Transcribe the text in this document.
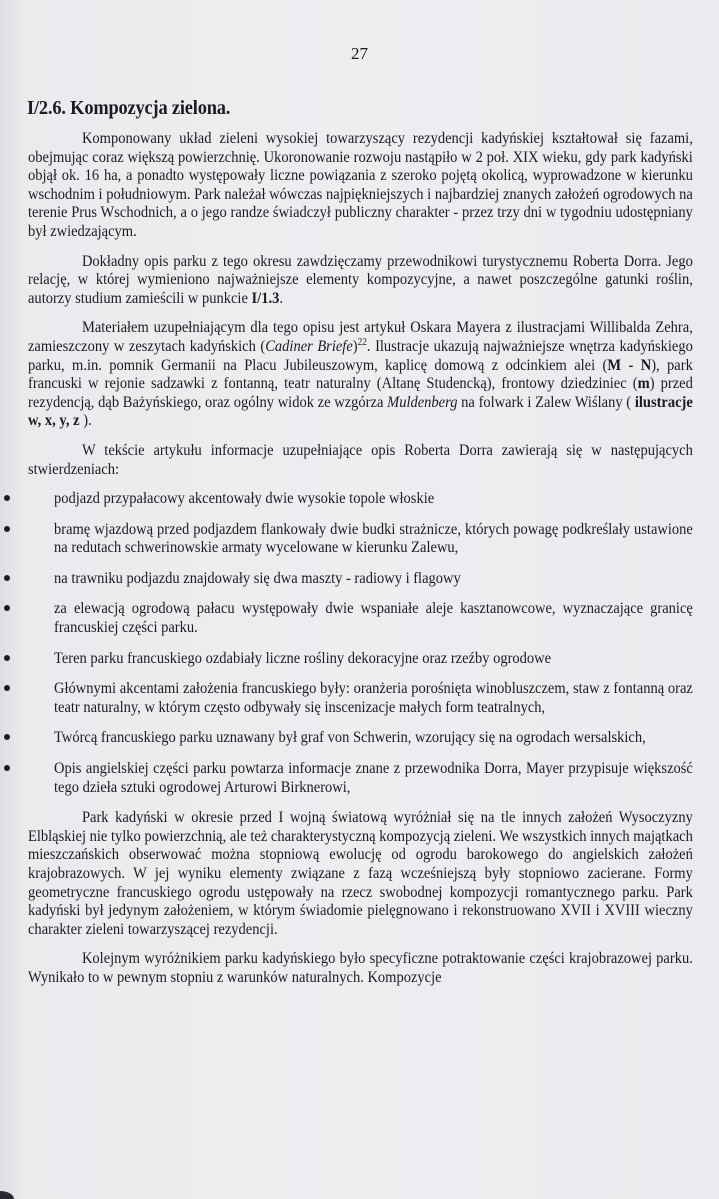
27
I/2.6. Kompozycja zielona.

Komponowany układ zieleni wysokiej towarzyszący rezydencji kadyńskiej kształtował się fazami, obejmując coraz większą powierzchnię. Ukoronowanie rozwoju nastąpiło w 2 poł. XIX wieku, gdy park kadyński objął ok. 16 ha, a ponadto występowały liczne powiązania z szeroko pojętą okolicą, wyprowadzone w kierunku wschodnim i południowym. Park należał wówczas najpiękniejszych i najbardziej znanych założeń ogrodowych na terenie Prus Wschodnich, a o jego randze świadczył publiczny charakter - przez trzy dni w tygodniu udostępniany był zwiedzającym.

Dokładny opis parku z tego okresu zawdzięczamy przewodnikowi turystycznemu Roberta Dorra. Jego relację, w której wymieniono najważniejsze elementy kompozycyjne, a nawet poszczególne gatunki roślin, autorzy studium zamieścili w punkcie I/1.3.

Materiałem uzupełniającym dla tego opisu jest artykuł Oskara Mayera z ilustracjami Willibalda Zehra, zamieszczony w zeszytach kadyńskich (Cadiner Briefe)$^{22}$. Ilustracje ukazują najważniejsze wnętrza kadyńskiego parku, m.in. pomnik Germanii na Placu Jubileuszowym, kaplicę domową z odcinkiem alei (M - N), park francuski w rejonie sadzawki z fontanną, teatr naturalny (Altanę Studencką), frontowy dziedziniec (m) przed rezydencją, dąb Bażyńskiego, oraz ogólny widok ze wzgórza Muldenberg na folwark i Zalew Wiślany ( ilustracje w, x, y, z ).

W tekście artykułu informacje uzupełniające opis Roberta Dorra zawierają się w następujących stwierdzeniach:

podjazd przypałacowy akcentowały dwie wysokie topole włoskie
bramę wjazdową przed podjazdem flankowały dwie budki strażnicze, których powagę podkreślały ustawione na redutach schwerinowskie armaty wycelowane w kierunku Zalewu,
na trawniku podjazdu znajdowały się dwa maszty - radiowy i flagowy
za elewacją ogrodową pałacu występowały dwie wspaniałe aleje kasztanowcowe, wyznaczające granicę francuskiej części parku.
Teren parku francuskiego ozdabiały liczne rośliny dekoracyjne oraz rzeźby ogrodowe
Głównymi akcentami założenia francuskiego były: oranżeria porośnięta winobluszczem, staw z fontanną oraz teatr naturalny, w którym często odbywały się inscenizacje małych form teatralnych,
Twórcą francuskiego parku uznawany był graf von Schwerin, wzorujący się na ogrodach wersalskich,
Opis angielskiej części parku powtarza informacje znane z przewodnika Dorra, Mayer przypisuje większość tego dzieła sztuki ogrodowej Arturowi Birknerowi,

Park kadyński w okresie przed I wojną światową wyróżniał się na tle innych założeń Wysoczyzny Elbląskiej nie tylko powierzchnią, ale też charakterystyczną kompozycją zieleni. We wszystkich innych majątkach mieszczańskich obserwować można stopniową ewolucję od ogrodu barokowego do angielskich założeń krajobrazowych. W jej wyniku elementy związane z fazą wcześniejszą były stopniowo zacierane. Formy geometryczne francuskiego ogrodu ustępowały na rzecz swobodnej kompozycji romantycznego parku. Park kadyński był jedynym założeniem, w którym świadomie pielęgnowano i rekonstruowano XVII i XVIII wieczny charakter zieleni towarzyszącej rezydencji.

Kolejnym wyróżnikiem parku kadyńskiego było specyficzne potraktowanie części krajobrazowej parku. Wynikało to w pewnym stopniu z warunków naturalnych. Kompozycje
